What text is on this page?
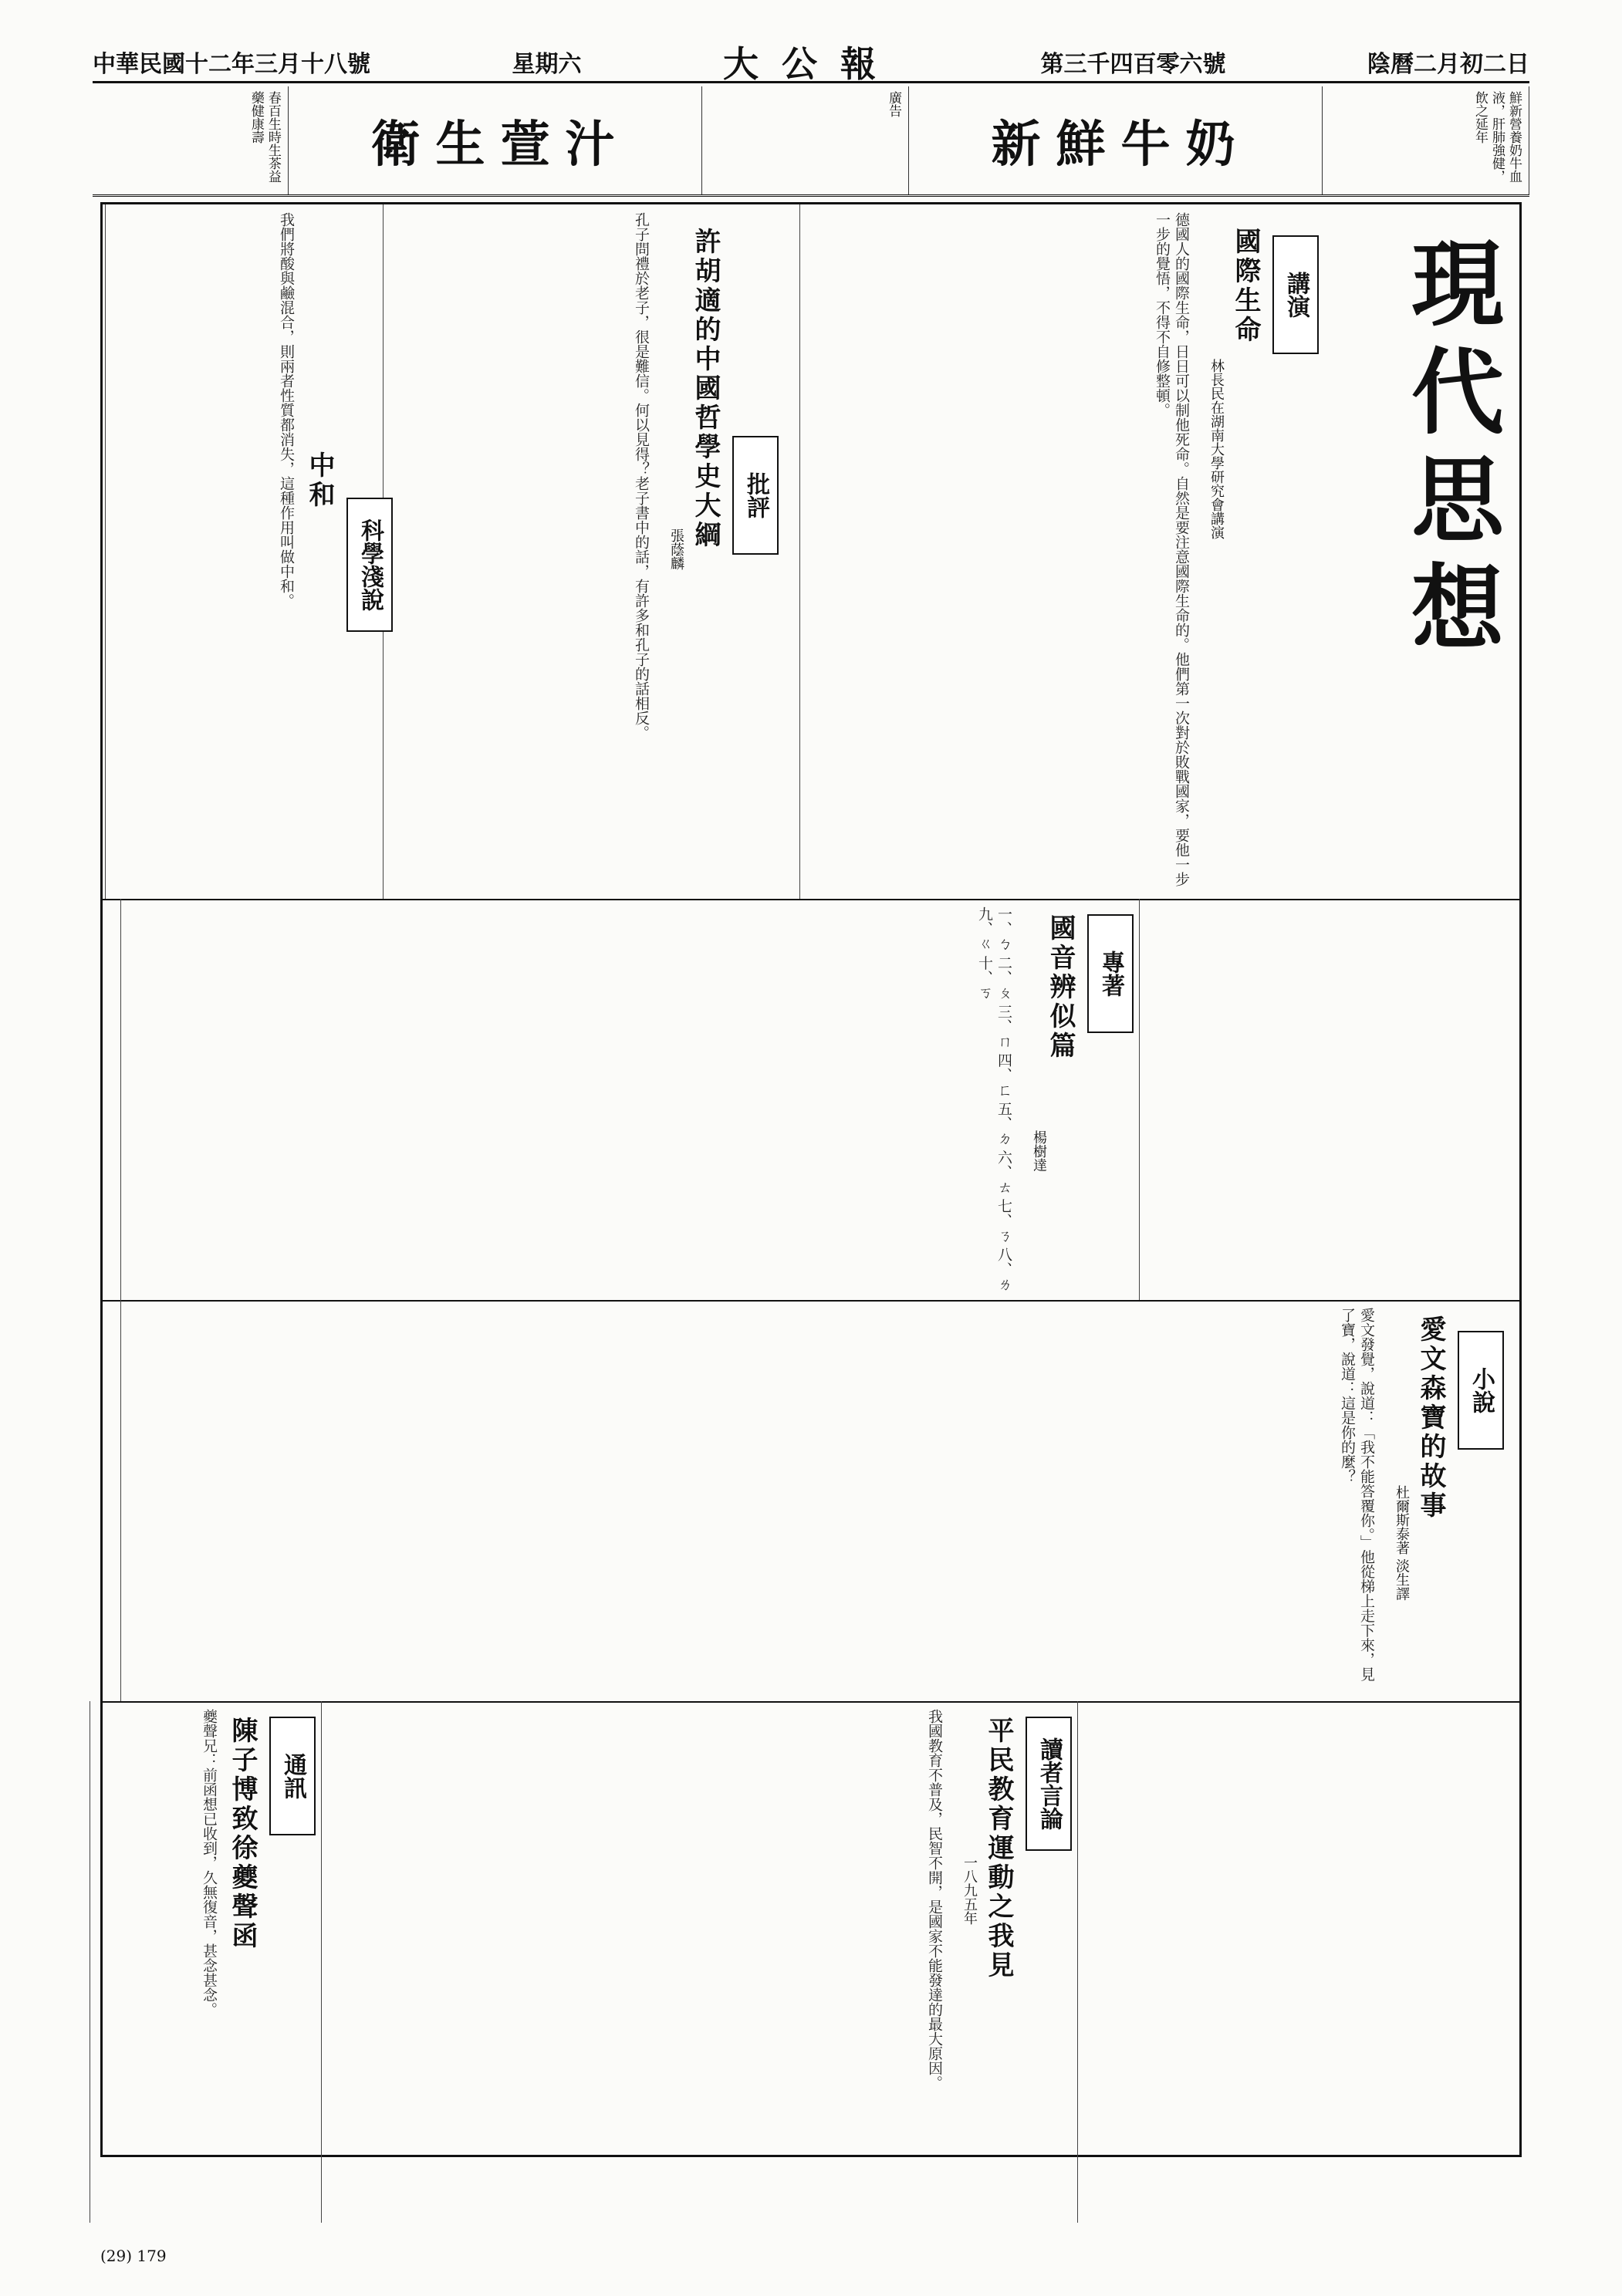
中華民國十二年三月十八號	星期六	大公報	第三千四百零六號	陰曆二月初二日
春百生時生茶益藥健康壽	衛生萱汁
廣告
新鮮牛奶	鮮新營養奶牛血液，肝肺強健，飲之延年
現代思想
講演
國際生命
林長民在湖南大學研究會講演
德國人的國際生命，日日可以制他死命。自然是要注意國際生命的。他們第一次對於敗戰國家，要他一步一步的覺悟，不得不自修整頓。
批評
許胡適的中國哲學史大綱
張蔭麟
孔子問禮於老子，很是難信。何以見得？老子書中的話，有許多和孔子的話相反。
科學淺說
中和
我們將酸與鹼混合，則兩者性質都消失，這種作用叫做中和。
專著
國音辨似篇
楊樹達
一、ㄅ 二、ㄆ 三、ㄇ 四、ㄈ 五、ㄉ 六、ㄊ 七、ㄋ 八、ㄌ 九、ㄍ 十、ㄎ
小說
愛文森寶的故事
杜爾斯泰著 淡生譯
愛文發覺，說道：「我不能答覆你。」他從梯上走下來，見了寶，說道：這是你的麼？
讀者言論
平民教育運動之我見
一八九五年
我國教育不普及，民智不開，是國家不能發達的最大原因。
通訊
陳子博致徐夔聲函
夔聲兄：前函想已收到，久無復音，甚念甚念。
(29) 179
